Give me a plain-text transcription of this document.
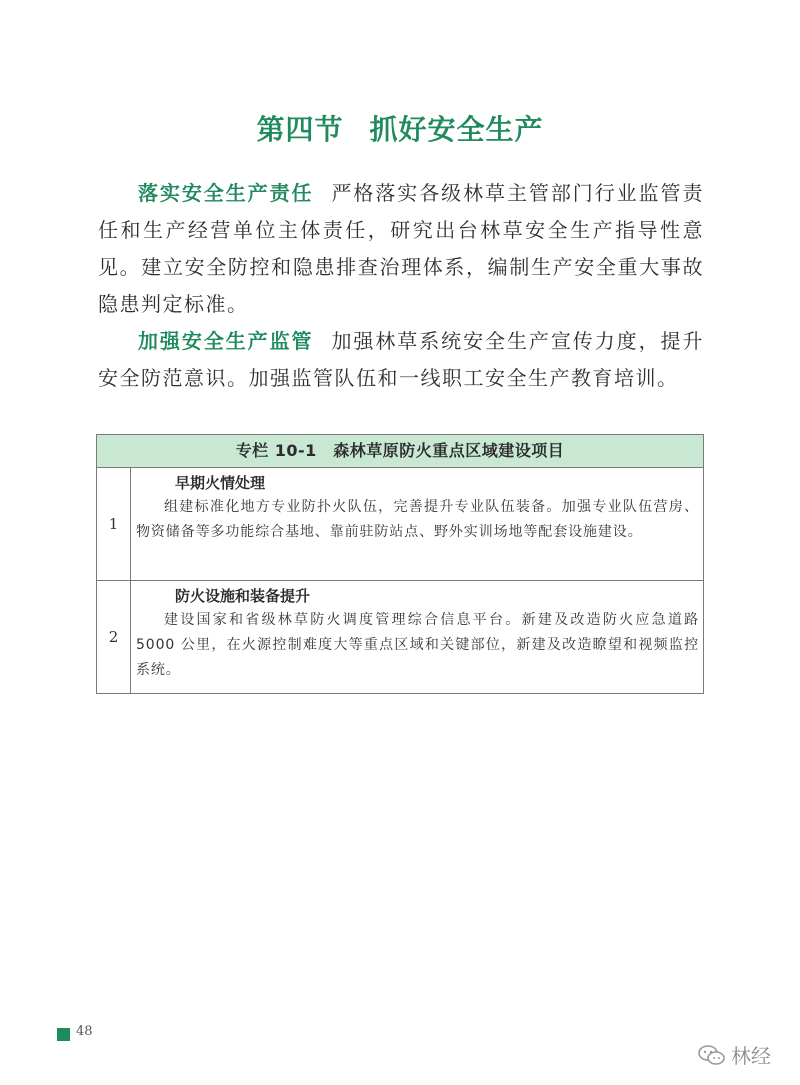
第四节 抓好安全生产
落实安全生产责任 严格落实各级林草主管部门行业监管责任和生产经营单位主体责任，研究出台林草安全生产指导性意见。建立安全防控和隐患排查治理体系，编制生产安全重大事故隐患判定标准。
加强安全生产监管 加强林草系统安全生产宣传力度，提升安全防范意识。加强监管队伍和一线职工安全生产教育培训。
专栏 10-1　森林草原防火重点区域建设项目
1
早期火情处理
组建标准化地方专业防扑火队伍，完善提升专业队伍装备。加强专业队伍营房、物资储备等多功能综合基地、靠前驻防站点、野外实训场地等配套设施建设。
2
防火设施和装备提升
建设国家和省级林草防火调度管理综合信息平台。新建及改造防火应急道路 5000 公里，在火源控制难度大等重点区域和关键部位，新建及改造瞭望和视频监控系统。
48
林经
